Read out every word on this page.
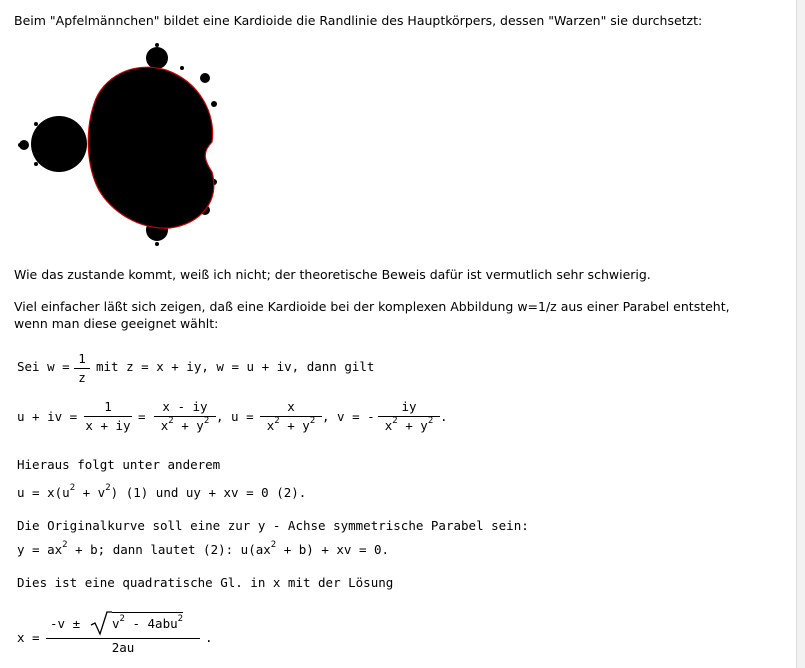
Beim "Apfelmännchen" bildet eine Kardioide die Randlinie des Hauptkörpers, dessen "Warzen" sie durchsetzt:
Wie das zustande kommt, weiß ich nicht; der theoretische Beweis dafür ist vermutlich sehr schwierig.
Viel einfacher läßt sich zeigen, daß eine Kardioide bei der komplexen Abbildung w=1/z aus einer Parabel entsteht,
wenn man diese geeignet wählt:
Sei w =
1
z
mit z = x + iy, w = u + iv, dann gilt
u + iv =
1
x + iy
=
x - iy
$x^2 + y^2$ , u =
x
$x^2 + y^2$ , v = -
iy
$x^2 + y^2$ .
Hieraus folgt unter anderem
$u = x(u^2 + v^2)$ (1) und uy + xv = 0 (2).
Die Originalkurve soll eine zur y - Achse symmetrische Parabel sein:
$y = ax^2 + b$; dann lautet (2): $u(ax^2 + b)$ + xv = 0.
Dies ist eine quadratische Gl. in x mit der Lösung
x =
-v ±	$v^2 - 4abu^2$
2au
.
